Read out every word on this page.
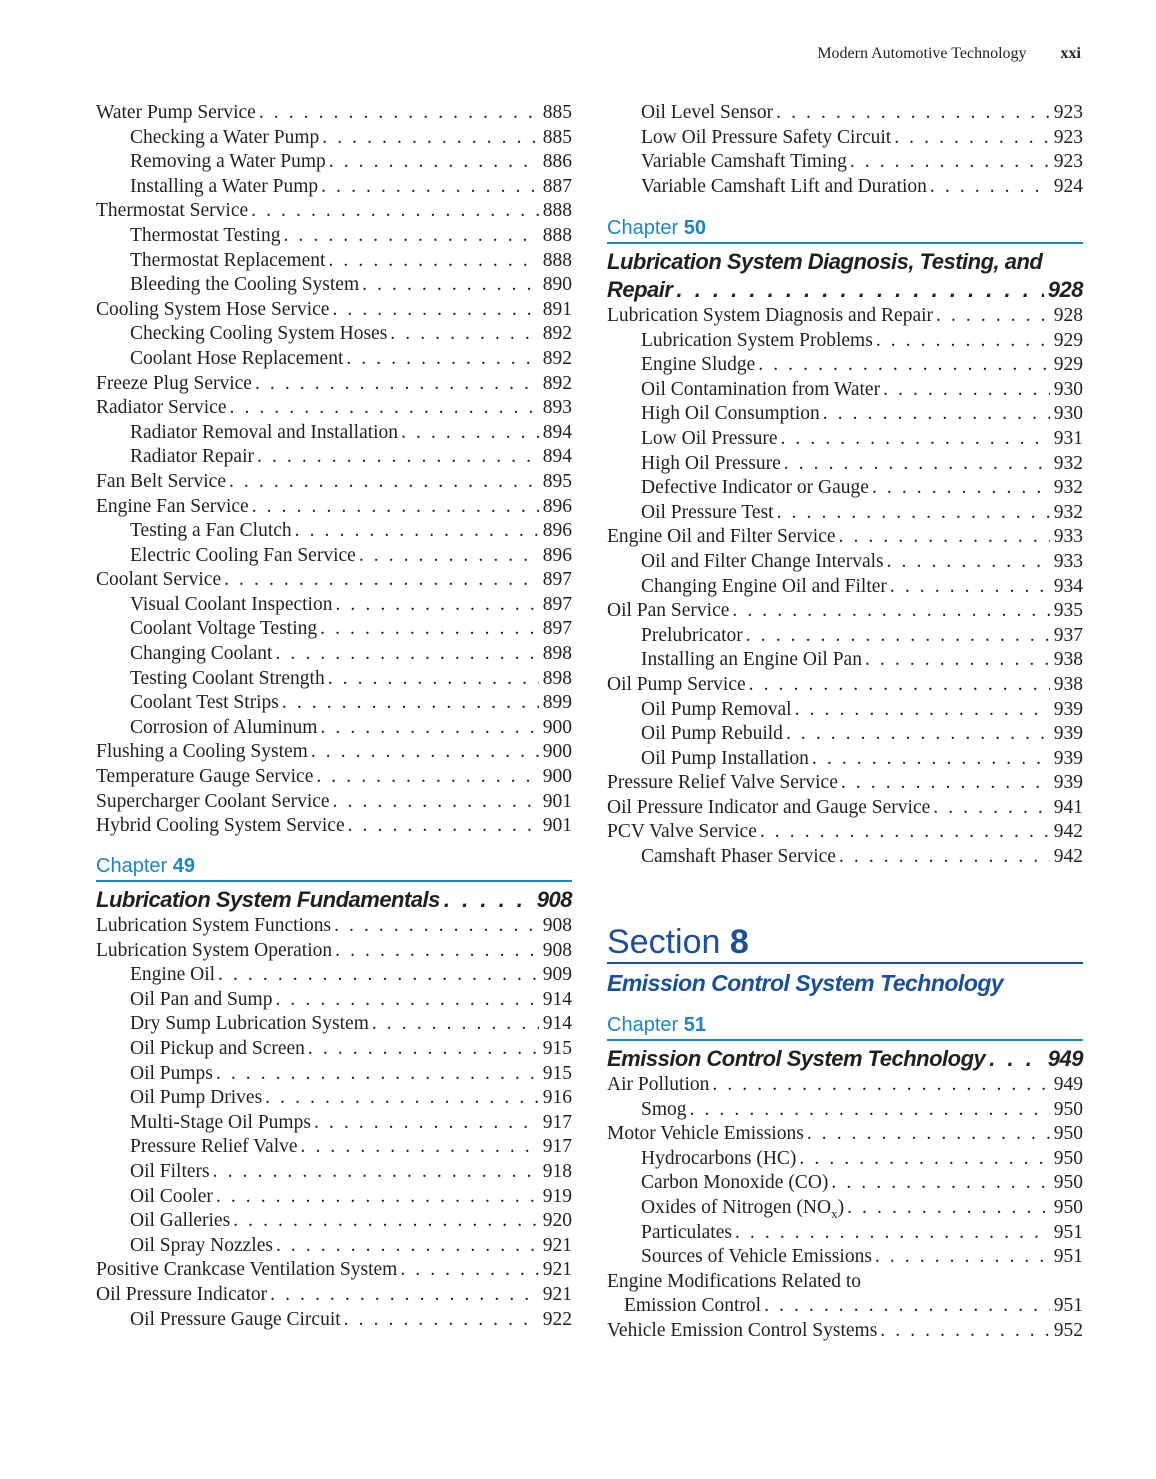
Modern Automotive Technology xxi
Water Pump Service . . .	885
Checking a Water Pump . . .	885
Removing a Water Pump . . .	886
Installing a Water Pump . . .	887
Thermostat Service . . .	888
Thermostat Testing . . .	888
Thermostat Replacement . . .	888
Bleeding the Cooling System . . .	890
Cooling System Hose Service . . .	891
Checking Cooling System Hoses . . .	892
Coolant Hose Replacement . . .	892
Freeze Plug Service . . .	892
Radiator Service . . .	893
Radiator Removal and Installation . . .	894
Radiator Repair . . .	894
Fan Belt Service . . .	895
Engine Fan Service . . .	896
Testing a Fan Clutch . . .	896
Electric Cooling Fan Service . . .	896
Coolant Service . . .	897
Visual Coolant Inspection . . .	897
Coolant Voltage Testing . . .	897
Changing Coolant . . .	898
Testing Coolant Strength . . .	898
Coolant Test Strips . . .	899
Corrosion of Aluminum . . .	900
Flushing a Cooling System . . .	900
Temperature Gauge Service . . .	900
Supercharger Coolant Service . . .	901
Hybrid Cooling System Service . . .	901
Chapter 49
Lubrication System Fundamentals . . .	908
Lubrication System Functions . . .	908
Lubrication System Operation . . .	908
Engine Oil . . .	909
Oil Pan and Sump . . .	914
Dry Sump Lubrication System . . .	914
Oil Pickup and Screen . . .	915
Oil Pumps . . .	915
Oil Pump Drives . . .	916
Multi-Stage Oil Pumps . . .	917
Pressure Relief Valve . . .	917
Oil Filters . . .	918
Oil Cooler . . .	919
Oil Galleries . . .	920
Oil Spray Nozzles . . .	921
Positive Crankcase Ventilation System . . .	921
Oil Pressure Indicator . . .	921
Oil Pressure Gauge Circuit . . .	922
Oil Level Sensor . . .	923
Low Oil Pressure Safety Circuit . . .	923
Variable Camshaft Timing . . .	923
Variable Camshaft Lift and Duration . . .	924
Chapter 50
Lubrication System Diagnosis, Testing, and
Repair . . .	928
Lubrication System Diagnosis and Repair . . .	928
Lubrication System Problems . . .	929
Engine Sludge . . .	929
Oil Contamination from Water . . .	930
High Oil Consumption . . .	930
Low Oil Pressure . . .	931
High Oil Pressure . . .	932
Defective Indicator or Gauge . . .	932
Oil Pressure Test . . .	932
Engine Oil and Filter Service . . .	933
Oil and Filter Change Intervals . . .	933
Changing Engine Oil and Filter . . .	934
Oil Pan Service . . .	935
Prelubricator . . .	937
Installing an Engine Oil Pan . . .	938
Oil Pump Service . . .	938
Oil Pump Removal . . .	939
Oil Pump Rebuild . . .	939
Oil Pump Installation . . .	939
Pressure Relief Valve Service . . .	939
Oil Pressure Indicator and Gauge Service . . .	941
PCV Valve Service . . .	942
Camshaft Phaser Service . . .	942
Section 8
Emission Control System Technology
Chapter 51
Emission Control System Technology . . .	949
Air Pollution . . .	949
Smog . . .	950
Motor Vehicle Emissions . . .	950
Hydrocarbons (HC) . . .	950
Carbon Monoxide (CO) . . .	950
Oxides of Nitrogen $(NO_x)$ . . .	950
Particulates . . .	951
Sources of Vehicle Emissions . . .	951
Engine Modifications Related to
Emission Control . . .	951
Vehicle Emission Control Systems . . .	952
